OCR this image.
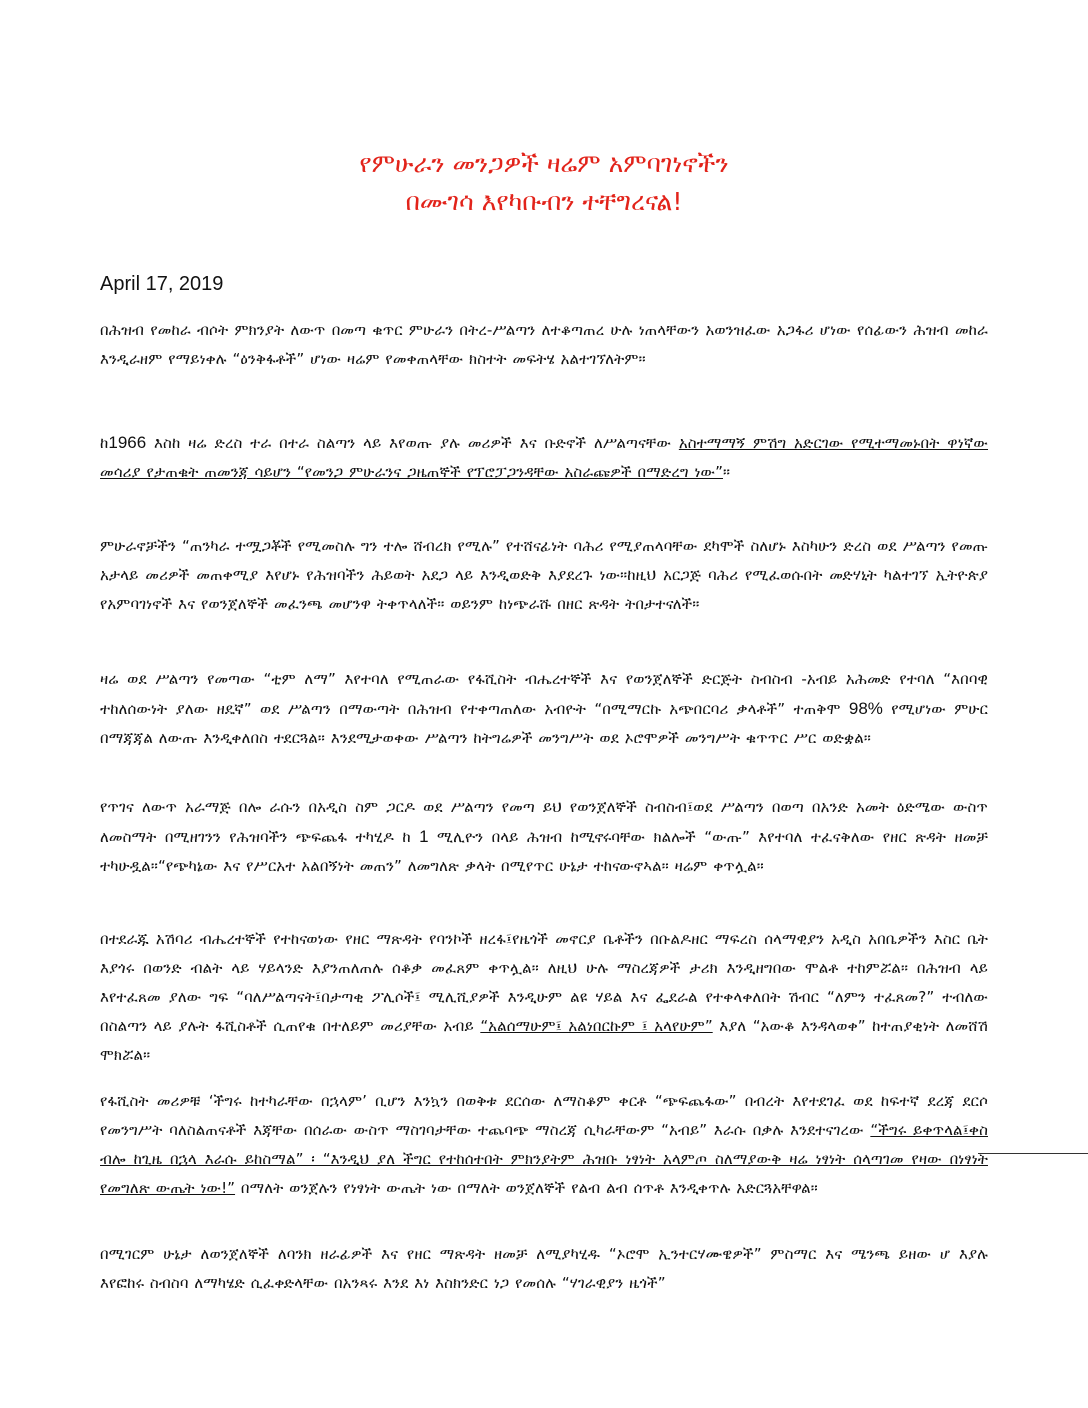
የምሁራን መንጋዎች ዛሬም አምባገነኖችን
በሙገሳ እየካቡብን ተቸግረናል!

April 17, 2019

በሕዝብ የመከራ ብሶት ምክንያት ለውጥ በመጣ ቁጥር ምሁራን በትረ-ሥልጣን ለተቆጣጠረ ሁሉ ነጠላቸውን አወንዝፈው አጋፋሪ ሆነው የሰፊውን ሕዝብ መከራ እንዲራዘም የማይነቀሉ “ዕንቅፋቶች” ሆነው ዛሬም የመቀጠላቸው ክስተት መፍትሄ አልተገኘለትም።

ከ1966 እስከ ዛሬ ድረስ ተራ በተራ ስልጣን ላይ እየወጡ ያሉ መሪዎች እና ቡድኖች ለሥልጣናቸው አስተማማኝ ምሽግ አድርገው የሚተማመኑበት ዋነኛው መሳሪያ የታጠቁት ጠመንጃ ሳይሆን “የመንጋ ምሁራንና ጋዜጠኞች የፕሮፓጋንዳቸው አስራጩዎች በማድረግ ነው”።

ምሁራኖቻችን “ጠንካራ ተሟጋቾች የሚመስሉ ግን ተሎ ሸብረክ የሚሉ” የተሸናፊነት ባሕሪ የሚያጠላባቸው ደካሞች ስለሆኑ እስካሁን ድረስ ወደ ሥልጣን የመጡ አታላይ መሪዎች መጠቀሚያ እየሆኑ የሕዝባችን ሕይወት አደጋ ላይ እንዲወድቅ እያደረጉ ነው።ከዚህ አርጋጅ ባሕሪ የሚፈወሱበት መድሃኒት ካልተገኘ ኢትዮጵያ የአምባገነኖች እና የወንጀለኞች መፈንጫ መሆንዋ ትቀጥላለች። ወይንም ከነጭራሹ በዘር ጽዳት ትበታተናለች።

ዛሬ ወደ ሥልጣን የመጣው “ቲም ለማ” እየተባለ የሚጠራው የፋሺስት ብሔረተኞች እና የወንጀለኞች ድርጅት ስብስብ -አብይ አሕመድ የተባለ “እበባዊ ተከለሰውነት ያለው ዘዴኛ” ወደ ሥልጣን በማውጣት በሕዝብ የተቀጣጠለው አብዮት “በሚማርኩ አጭበርባሪ ቃላቶች” ተጠቅሞ 98% የሚሆነው ምሁር በማጃጃል ለውጡ እንዲቀለበስ ተደርጓል። እንደሚታወቀው ሥልጣን ከትግሬዎች መንግሥት ወደ ኦሮሞዎች መንግሥት ቁጥጥር ሥር ወድቋል።

የጥገና ለውጥ አራማጅ በሎ ራሱን በአዲስ ስም ጋርዶ ወደ ሥልጣን የመጣ ይህ የወንጀለኞች ስብስብ፤ወደ ሥልጣን በወጣ በአንድ አመት ዕድሜው ውስጥ ለመስማት በሚዘገንን የሕዝባችን ጭፍጨፋ ተካሂዶ ከ 1 ሚሊዮን በላይ ሕዝብ ከሚኖሩባቸው ክልሎች “ውጡ” እየተባለ ተፈናቅለው የዘር ጽዳት ዘመቻ ተካሁዷል።“የጭካኔው እና የሥርአተ አልበኝነት መጠን” ለመግለጽ ቃላት በሚየጥር ሁኔታ ተከናውኖኣል። ዛሬም ቀጥሏል።

በተደራጁ አሽባሪ ብሔረተኞች የተከናወነው የዘር ማጽዳት የባንኮች ዘረፋ፤የዜጎች መኖርያ ቤቶችን በቡልዶዘር ማፍረስ ሰላማዊያን አዲስ አበቤዎችን እስር ቤት እያጎሩ በወንድ ብልት ላይ ሃይላንድ እያንጠለጠሉ ሰቆቃ መፈጸም ቀጥሏል። ለዚህ ሁሉ ማስረጃዎች ታሪክ እንዲዘግበው ሞልቶ ተከምሯል። በሕዝብ ላይ እየተፈጸመ ያለው ግፍ “ባለሥልጣናት፤በታጣቂ ፖሊሶች፤ ሚሊሺያዎች እንዲሁም ልዩ ሃይል እና ፌደራል የተቀላቀለበት ሽብር “ለምን ተፈጸመ?” ተብለው በስልጣን ላይ ያሉት ፋሺስቶች ሲጠየቁ በተለይም መሪያቸው አብይ “አልሰማሁም፤ አልነበርኩም ፤ አላየሁም” እያለ “አውቆ እንዳላወቀ” ከተጠያቂነት ለመሸሽ ሞክሯል።

የፋሺስት መሪዎቹ ‘ችግሩ ከተካራቸው በኋላም’ ቢሆን እንኳን በወቅቱ ደርሰው ለማስቆም ቀርቶ “ጭፍጨፋው” በብረት እየተደገፈ ወደ ከፍተኛ ደረጃ ደርሶ የመንግሥት ባለስልጠናቶች እጃቸው በሰራው ውስጥ ማስገባታቸው ተጨባጭ ማስረጃ ሲካራቸውም “አብይ” እራሱ በቃሉ እንደተናገረው “ችግሩ ይቀጥላል፤ቀስ ብሎ ከጊዜ በኋላ እራሱ ይከስማል” ፡ “እንዲህ ያለ ችግር የተከሰተበት ምክንያትም ሕዝቡ ነፃነት አላምጦ ስለማያውቅ ዛሬ ነፃነት ሰላጣገመ የዛው በነፃነት የመግለጽ ውጤት ነው!” በማለት ወንጀሉን የነፃነት ውጤት ነው በማለት ወንጀለኞች የልብ ልብ ሰጥቶ እንዲቀጥሉ አድርጓአቸዋል።

በሚገርም ሁኔታ ለወንጀለኞች ለባንክ ዘራፊዎች እና የዘር ማጽዳት ዘመቻ ለሚያካሂዱ “ኦሮሞ ኢንተርሃሙዌዎች” ምስማር እና ሜንጫ ይዘው ሆ እያሉ እየፎከሩ ስብስባ ለማካሄድ ሲፈቀድላቸው በአንጻሩ እንደ እነ እስክንድር ነጋ የመሰሉ “ሃገራዊያን ዜጎች”
